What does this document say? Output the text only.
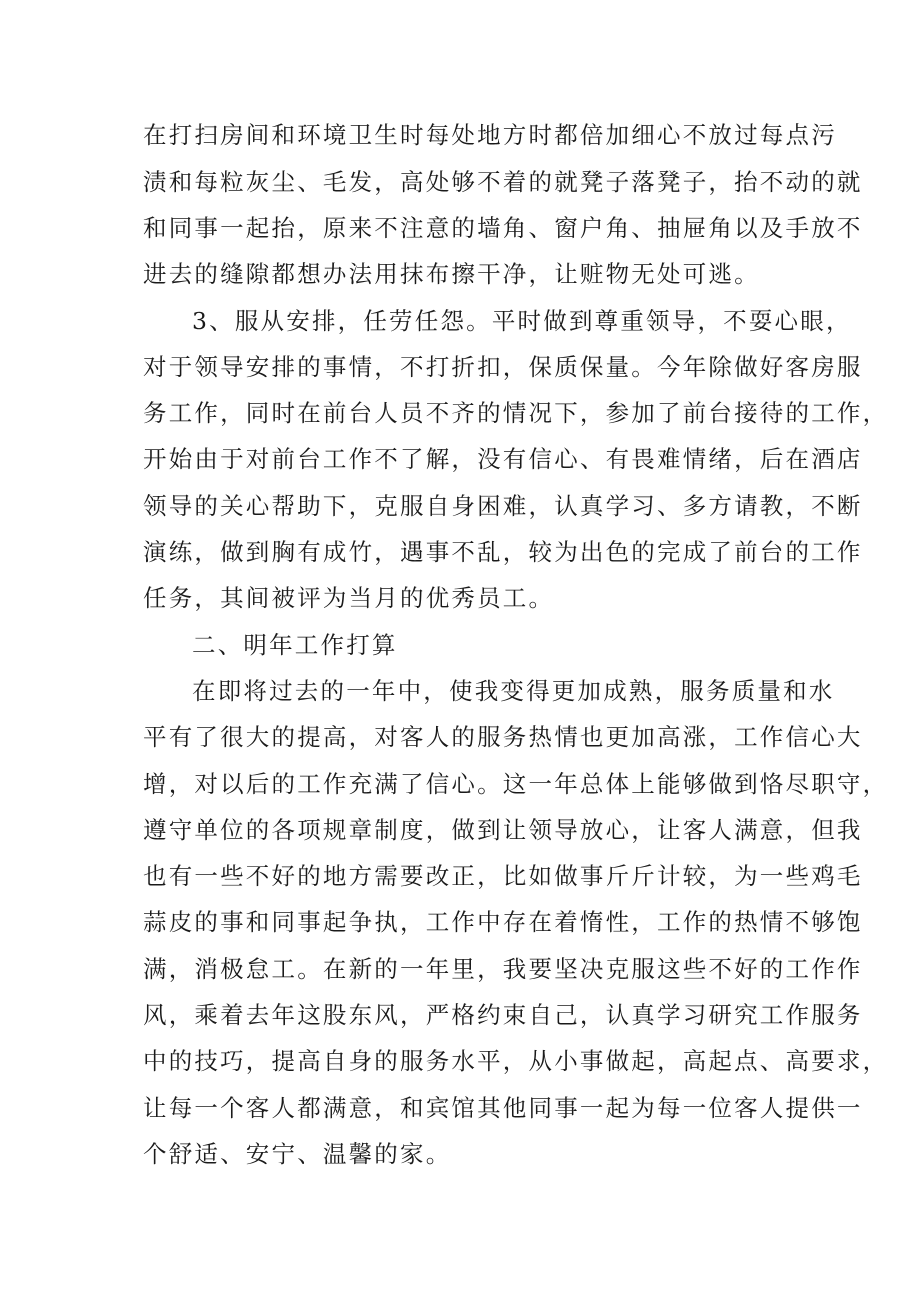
在打扫房间和环境卫生时每处地方时都倍加细心不放过每点污
渍和每粒灰尘、毛发，高处够不着的就凳子落凳子，抬不动的就
和同事一起抬，原来不注意的墙角、窗户角、抽屉角以及手放不
进去的缝隙都想办法用抹布擦干净，让赃物无处可逃。
3、服从安排，任劳任怨。平时做到尊重领导，不耍心眼，
对于领导安排的事情，不打折扣，保质保量。今年除做好客房服
务工作，同时在前台人员不齐的情况下，参加了前台接待的工作，
开始由于对前台工作不了解，没有信心、有畏难情绪，后在酒店
领导的关心帮助下，克服自身困难，认真学习、多方请教，不断
演练，做到胸有成竹，遇事不乱，较为出色的完成了前台的工作
任务，其间被评为当月的优秀员工。
二、明年工作打算
在即将过去的一年中，使我变得更加成熟，服务质量和水
平有了很大的提高，对客人的服务热情也更加高涨，工作信心大
增，对以后的工作充满了信心。这一年总体上能够做到恪尽职守，
遵守单位的各项规章制度，做到让领导放心，让客人满意，但我
也有一些不好的地方需要改正，比如做事斤斤计较，为一些鸡毛
蒜皮的事和同事起争执，工作中存在着惰性，工作的热情不够饱
满，消极怠工。在新的一年里，我要坚决克服这些不好的工作作
风，乘着去年这股东风，严格约束自己，认真学习研究工作服务
中的技巧，提高自身的服务水平，从小事做起，高起点、高要求，
让每一个客人都满意，和宾馆其他同事一起为每一位客人提供一
个舒适、安宁、温馨的家。
